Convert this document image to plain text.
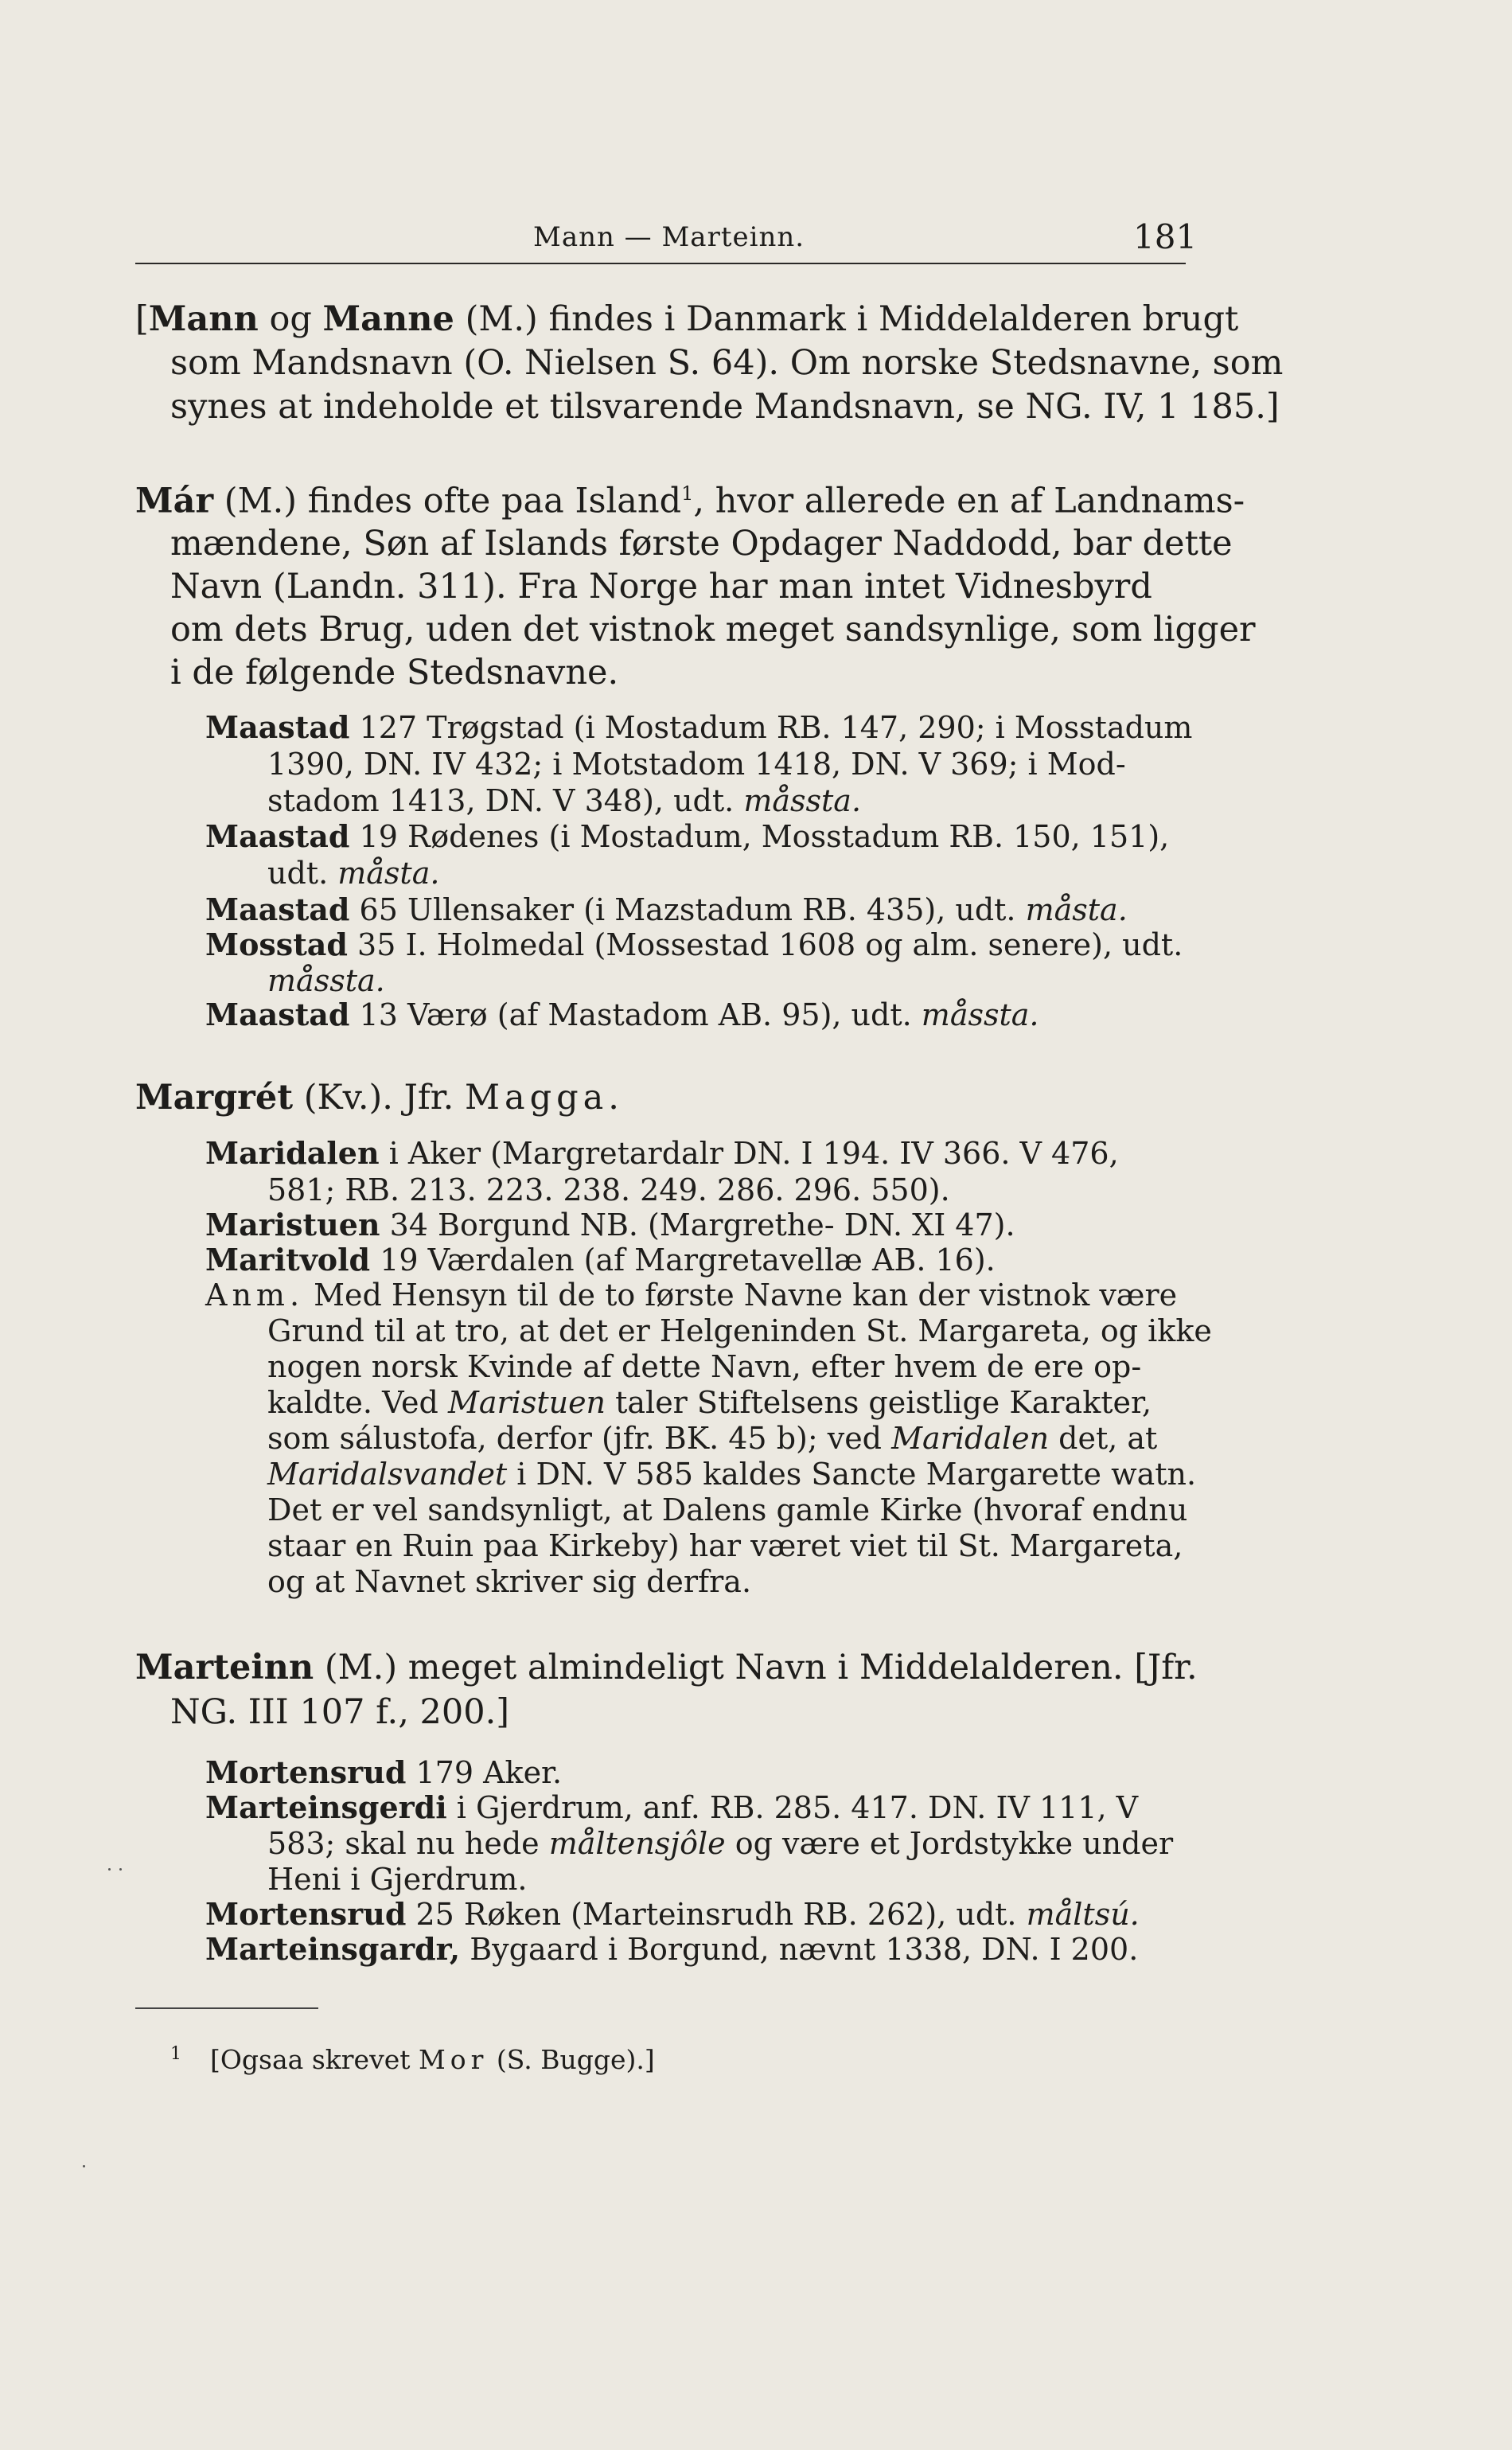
Mann — Marteinn.	181
[Mann og Manne (M.) findes i Danmark i Middelalderen brugt
som Mandsnavn (O. Nielsen S. 64). Om norske Stedsnavne, som
synes at indeholde et tilsvarende Mandsnavn, se NG. IV, 1 185.]
Már (M.) findes ofte paa Island$^1$, hvor allerede en af Landnams-
mændene, Søn af Islands første Opdager Naddodd, bar dette
Navn (Landn. 311). Fra Norge har man intet Vidnesbyrd
om dets Brug, uden det vistnok meget sandsynlige, som ligger
i de følgende Stedsnavne.
Maastad 127 Trøgstad (i Mostadum RB. 147, 290; i Mosstadum
1390, DN. IV 432; i Motstadom 1418, DN. V 369; i Mod-
stadom 1413, DN. V 348), udt. må̊ssta.
Maastad 19 Rødenes (i Mostadum, Mosstadum RB. 150, 151),
udt. må̊sta.
Maastad 65 Ullensaker (i Mazstadum RB. 435), udt. må̊sta.
Mosstad 35 I. Holmedal (Mossestad 1608 og alm. senere), udt.
må̊ssta.
Maastad 13 Værø (af Mastadom AB. 95), udt. må̊ssta.
Margrét (Kv.). Jfr. Magga.
Maridalen i Aker (Margretardalr DN. I 194. IV 366. V 476,
581; RB. 213. 223. 238. 249. 286. 296. 550).
Maristuen 34 Borgund NB. (Margrethe- DN. XI 47).
Maritvold 19 Værdalen (af Margretavellæ AB. 16).
Anm. Med Hensyn til de to første Navne kan der vistnok være
Grund til at tro, at det er Helgeninden St. Margareta, og ikke
nogen norsk Kvinde af dette Navn, efter hvem de ere op-
kaldte. Ved Maristuen taler Stiftelsens geistlige Karakter,
som sálustofa, derfor (jfr. BK. 45 b); ved Maridalen det, at
Maridalsvandet i DN. V 585 kaldes Sancte Margarette watn.
Det er vel sandsynligt, at Dalens gamle Kirke (hvoraf endnu
staar en Ruin paa Kirkeby) har været viet til St. Margareta,
og at Navnet skriver sig derfra.
Marteinn (M.) meget almindeligt Navn i Middelalderen. [Jfr.
NG. III 107 f., 200.]
Mortensrud 179 Aker.
Marteinsgerdi i Gjerdrum, anf. RB. 285. 417. DN. IV 111, V
583; skal nu hede må̊ltensjôle og være et Jordstykke under
Heni i Gjerdrum.
Mortensrud 25 Røken (Marteinsrudh RB. 262), udt. må̊ltsú.
Marteinsgardr, Bygaard i Borgund, nævnt 1338, DN. I 200.
$^1$ [Ogsaa skrevet Mor (S. Bugge).]
